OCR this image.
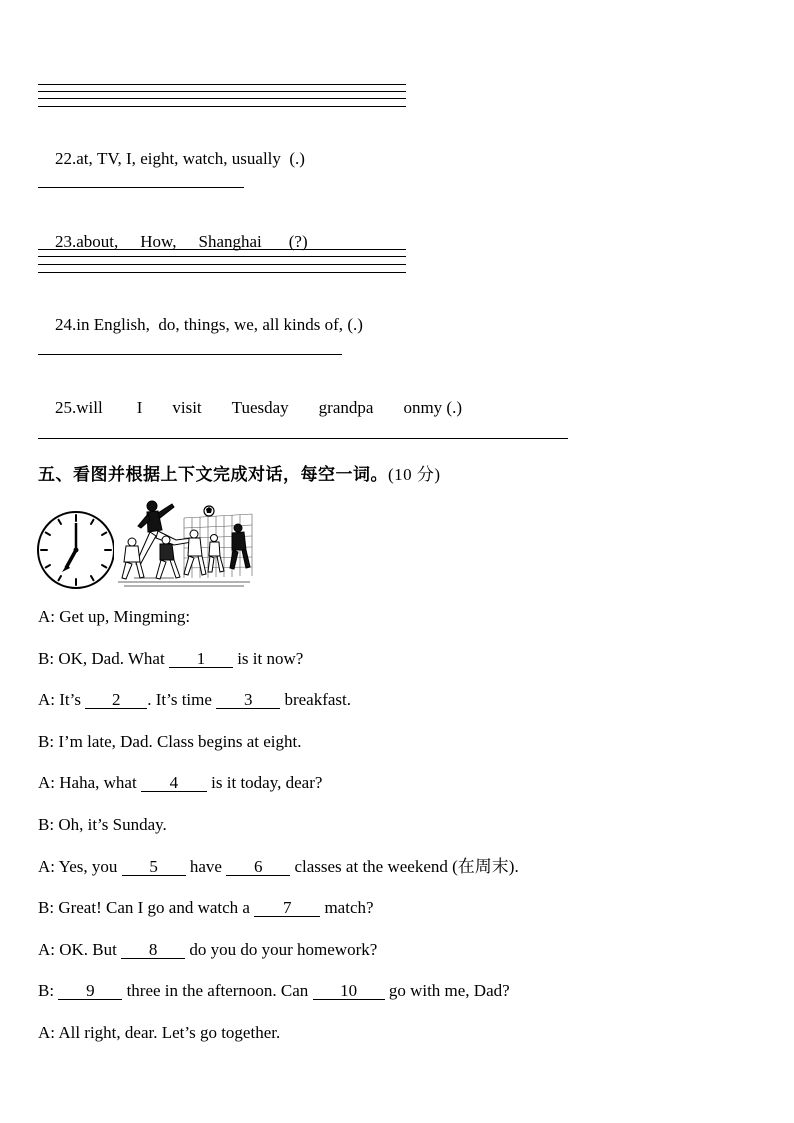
22.at, TV, I, eight, watch, usually (.)

23.about, How, Shanghai (?)

24.in English, do, things, we, all kinds of, (.)

25.will I visit Tuesday grandpa onmy (.)

五、看图并根据上下文完成对话，每空一词。(10 分)
A: Get up, Mingming:
B: OK, Dad. What 1 is it now?
A: It’s 2 . It’s time 3 breakfast.
B: I’m late, Dad. Class begins at eight.
A: Haha, what 4 is it today, dear?
B: Oh, it’s Sunday.
A: Yes, you 5 have 6 classes at the weekend (在周末).
B: Great! Can I go and watch a 7 match?
A: OK. But 8 do you do your homework?
B: 9 three in the afternoon. Can 10 go with me, Dad?
A: All right, dear. Let’s go together.
